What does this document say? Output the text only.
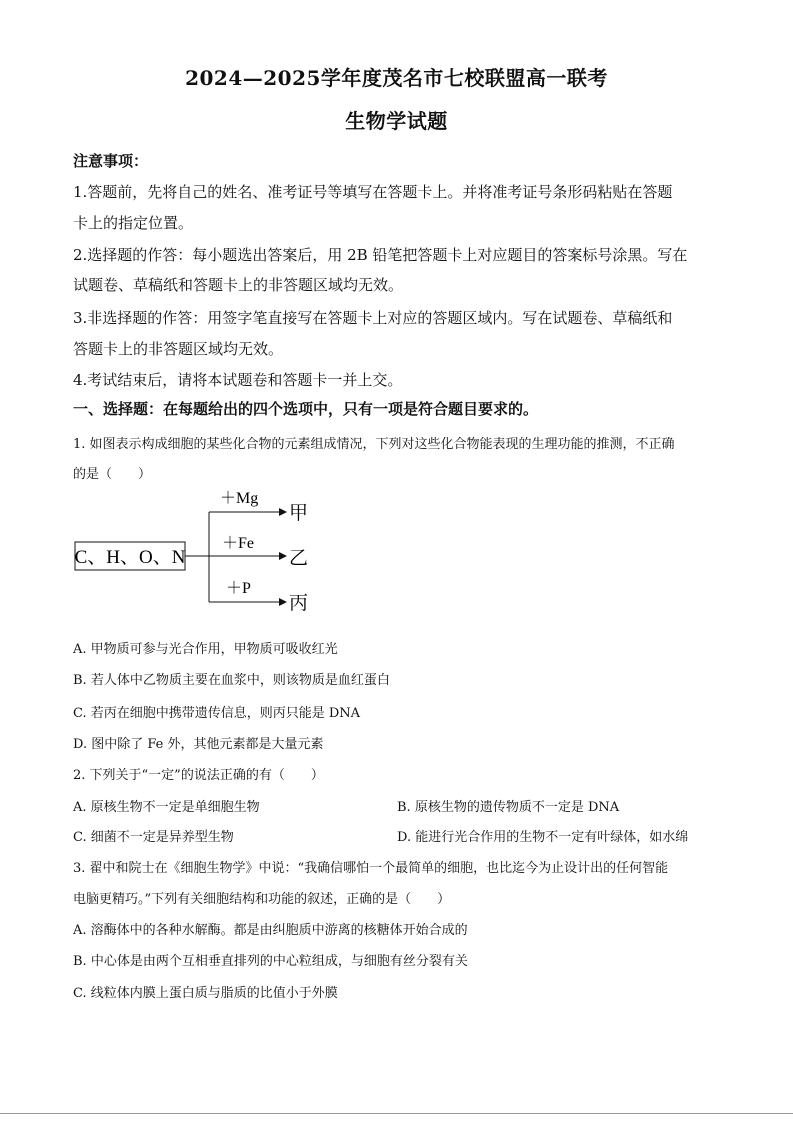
2024—2025学年度茂名市七校联盟高一联考
生物学试题
注意事项：
1.答题前，先将自己的姓名、准考证号等填写在答题卡上。并将准考证号条形码粘贴在答题
卡上的指定位置。
2.选择题的作答：每小题选出答案后，用 2B 铅笔把答题卡上对应题目的答案标号涂黑。写在
试题卷、草稿纸和答题卡上的非答题区域均无效。
3.非选择题的作答：用签字笔直接写在答题卡上对应的答题区域内。写在试题卷、草稿纸和
答题卡上的非答题区域均无效。
4.考试结束后，请将本试题卷和答题卡一并上交。
一、选择题：在每题给出的四个选项中，只有一项是符合题目要求的。
1. 如图表示构成细胞的某些化合物的元素组成情况，下列对这些化合物能表现的生理功能的推测，不正确
的是（　　）
C、H、O、N
＋Mg
＋Fe
＋P
甲
乙
丙
A. 甲物质可参与光合作用，甲物质可吸收红光
B. 若人体中乙物质主要在血浆中，则该物质是血红蛋白
C. 若丙在细胞中携带遗传信息，则丙只能是 DNA
D. 图中除了 Fe 外，其他元素都是大量元素
2. 下列关于“一定”的说法正确的有（　　）
A. 原核生物不一定是单细胞生物	B. 原核生物的遗传物质不一定是 DNA
C. 细菌不一定是异养型生物	D. 能进行光合作用的生物不一定有叶绿体，如水绵
3. 翟中和院士在《细胞生物学》中说：“我确信哪怕一个最简单的细胞，也比迄今为止设计出的任何智能
电脑更精巧。”下列有关细胞结构和功能的叙述，正确的是（　　）
A. 溶酶体中的各种水解酶。都是由纠胞质中游离的核糖体开始合成的
B. 中心体是由两个互相垂直排列的中心粒组成，与细胞有丝分裂有关
C. 线粒体内膜上蛋白质与脂质的比值小于外膜
